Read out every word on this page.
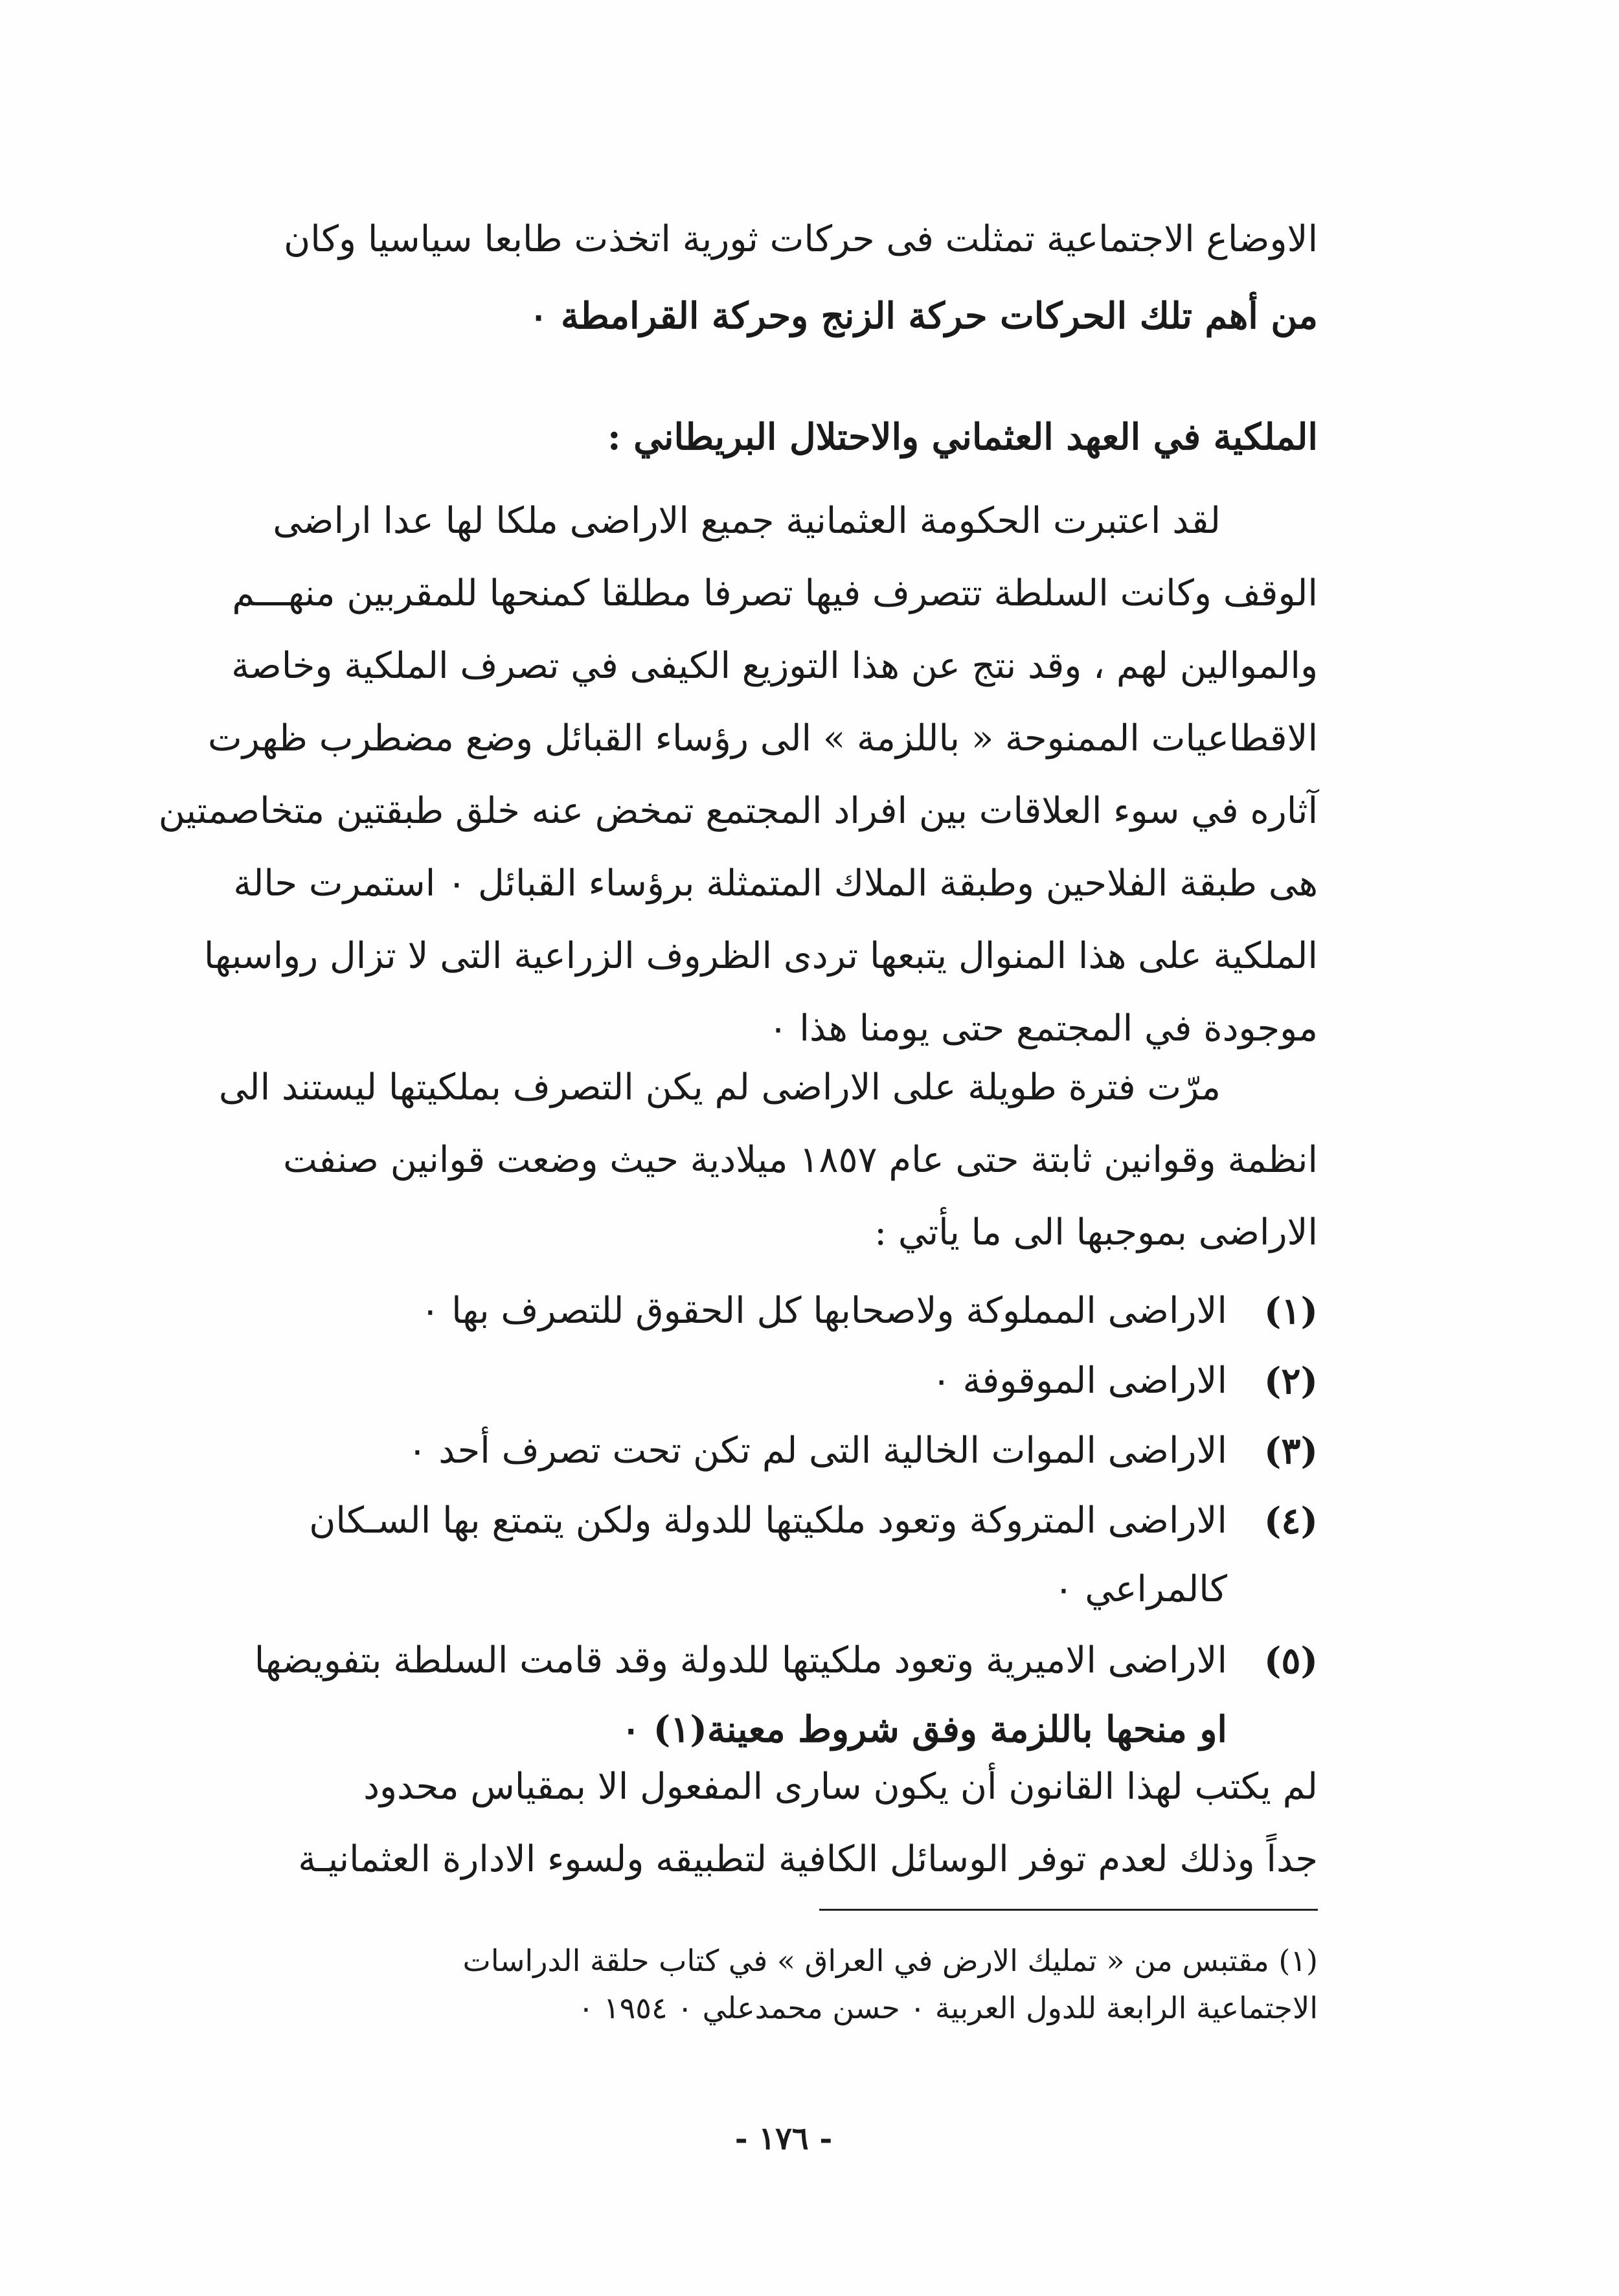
الاوضاع الاجتماعية تمثلت فى حركات ثورية اتخذت طابعا سياسيا وكان
من أهم تلك الحركات حركة الزنج وحركة القرامطة ٠
الملكية في العهد العثماني والاحتلال البريطاني :
لقد اعتبرت الحكومة العثمانية جميع الاراضى ملكا لها عدا اراضى
الوقف وكانت السلطة تتصرف فيها تصرفا مطلقا كمنحها للمقربين منهـــم
والموالين لهم ، وقد نتج عن هذا التوزيع الكيفى في تصرف الملكية وخاصة
الاقطاعيات الممنوحة « باللزمة » الى رؤساء القبائل وضع مضطرب ظهرت
آثاره في سوء العلاقات بين افراد المجتمع تمخض عنه خلق طبقتين متخاصمتين
هى طبقة الفلاحين وطبقة الملاك المتمثلة برؤساء القبائل ٠ استمرت حالة
الملكية على هذا المنوال يتبعها تردى الظروف الزراعية التى لا تزال رواسبها
موجودة في المجتمع حتى يومنا هذا ٠
مرّت فترة طويلة على الاراضى لم يكن التصرف بملكيتها ليستند الى
انظمة وقوانين ثابتة حتى عام ١٨٥٧ ميلادية حيث وضعت قوانين صنفت
الاراضى بموجبها الى ما يأتي :
(١)
الاراضى المملوكة ولاصحابها كل الحقوق للتصرف بها ٠
(٢)
الاراضى الموقوفة ٠
(٣)
الاراضى الموات الخالية التى لم تكن تحت تصرف أحد ٠
(٤)
الاراضى المتروكة وتعود ملكيتها للدولة ولكن يتمتع بها السـكان
كالمراعي ٠
(٥)
الاراضى الاميرية وتعود ملكيتها للدولة وقد قامت السلطة بتفويضها
او منحها باللزمة وفق شروط معينة(١) ٠
لم يكتب لهذا القانون أن يكون سارى المفعول الا بمقياس محدود
جداً وذلك لعدم توفر الوسائل الكافية لتطبيقه ولسوء الادارة العثمانيـة
(١) مقتبس من « تمليك الارض في العراق » في كتاب حلقة الدراسات
الاجتماعية الرابعة للدول العربية ٠ حسن محمدعلي ٠ ١٩٥٤ ٠
- ١٧٦ -
